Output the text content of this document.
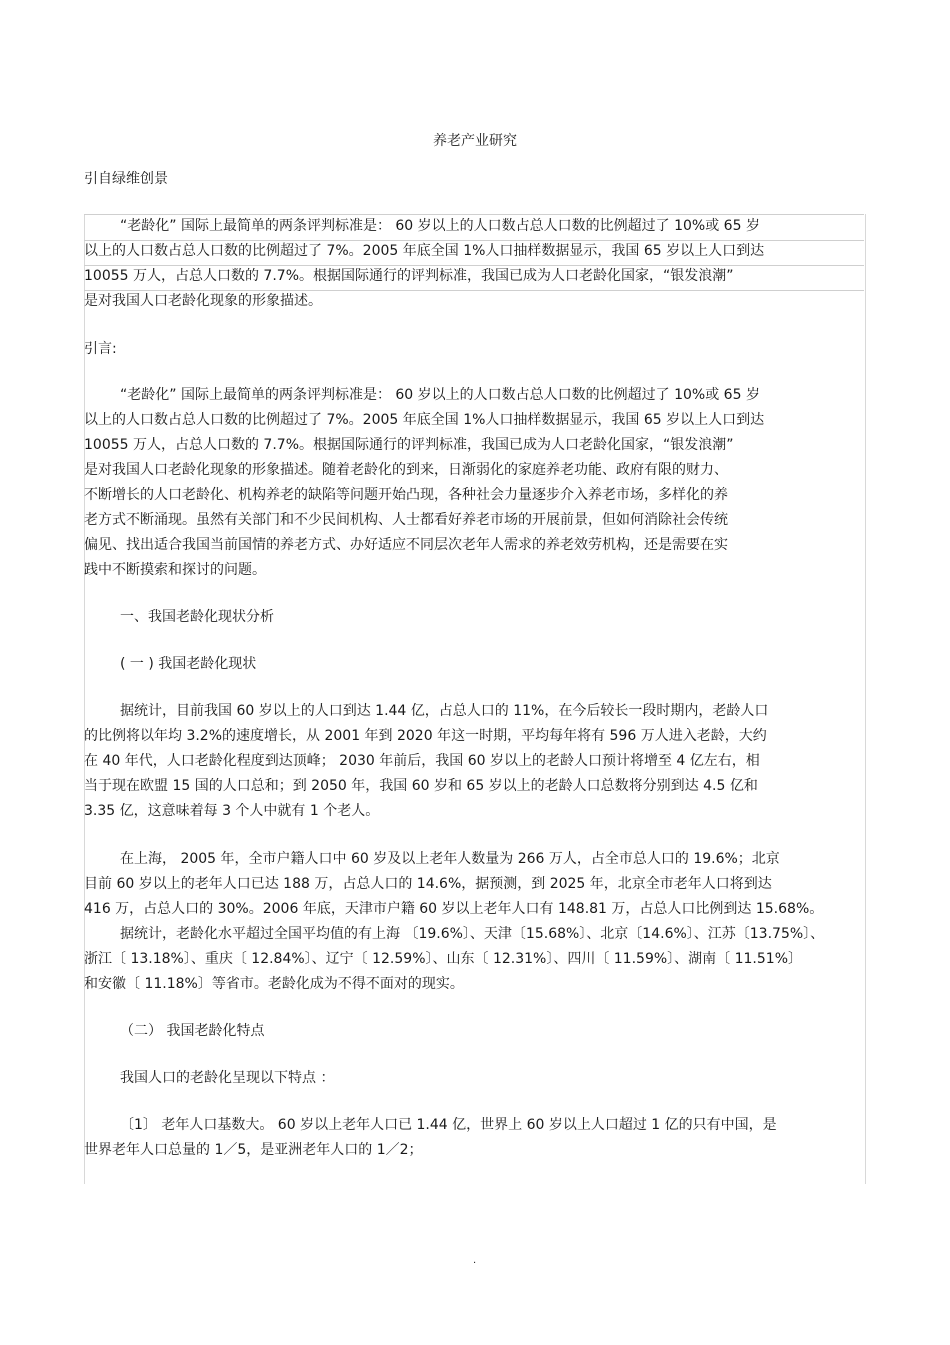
养老产业研究
引自绿维创景

“老龄化” 国际上最简单的两条评判标准是： 60 岁以上的人口数占总人口数的比例超过了 10%或 65 岁

以上的人口数占总人口数的比例超过了 7%。2005 年底全国 1%人口抽样数据显示，我国 65 岁以上人口到达

10055 万人，占总人口数的 7.7%。根据国际通行的评判标准，我国已成为人口老龄化国家，“银发浪潮”

是对我国人口老龄化现象的形象描述。

引言:

“老龄化” 国际上最简单的两条评判标准是： 60 岁以上的人口数占总人口数的比例超过了 10%或 65 岁

以上的人口数占总人口数的比例超过了 7%。2005 年底全国 1%人口抽样数据显示，我国 65 岁以上人口到达

10055 万人，占总人口数的 7.7%。根据国际通行的评判标准，我国已成为人口老龄化国家，“银发浪潮”

是对我国人口老龄化现象的形象描述。随着老龄化的到来，日渐弱化的家庭养老功能、政府有限的财力、

不断增长的人口老龄化、机构养老的缺陷等问题开始凸现，各种社会力量逐步介入养老市场，多样化的养

老方式不断涌现。虽然有关部门和不少民间机构、人士都看好养老市场的开展前景，但如何消除社会传统

偏见、找出适合我国当前国情的养老方式、办好适应不同层次老年人需求的养老效劳机构，还是需要在实

践中不断摸索和探讨的问题。

一、我国老龄化现状分析
( 一 ) 我国老龄化现状

据统计，目前我国 60 岁以上的人口到达 1.44 亿，占总人口的 11%，在今后较长一段时期内，老龄人口

的比例将以年均 3.2%的速度增长，从 2001 年到 2020 年这一时期，平均每年将有 596 万人进入老龄，大约

在 40 年代，人口老龄化程度到达顶峰； 2030 年前后，我国 60 岁以上的老龄人口预计将增至 4 亿左右，相

当于现在欧盟 15 国的人口总和；到 2050 年，我国 60 岁和 65 岁以上的老龄人口总数将分别到达 4.5 亿和

3.35 亿，这意味着每 3 个人中就有 1 个老人。

在上海， 2005 年，全市户籍人口中 60 岁及以上老年人数量为 266 万人，占全市总人口的 19.6%；北京

目前 60 岁以上的老年人口已达 188 万，占总人口的 14.6%，据预测，到 2025 年，北京全市老年人口将到达

416 万，占总人口的 30%。2006 年底，天津市户籍 60 岁以上老年人口有 148.81 万，占总人口比例到达 15.68%。

据统计，老龄化水平超过全国平均值的有上海 〔19.6%〕、天津〔15.68%〕、北京〔14.6%〕、江苏〔13.75%〕、

浙江〔 13.18%〕、重庆〔 12.84%〕、辽宁〔 12.59%〕、山东〔 12.31%〕、四川〔 11.59%〕、湖南〔 11.51%〕

和安徽〔 11.18%〕等省市。老龄化成为不得不面对的现实。

（二） 我国老龄化特点
我国人口的老龄化呈现以下特点 ：

〔1〕 老年人口基数大。 60 岁以上老年人口已 1.44 亿，世界上 60 岁以上人口超过 1 亿的只有中国，是

世界老年人口总量的 1／5，是亚洲老年人口的 1／2；

.
